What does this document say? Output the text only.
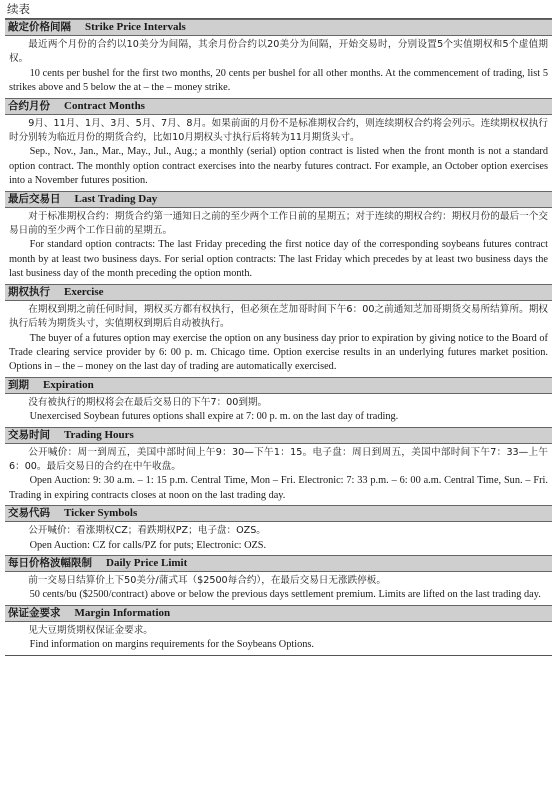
续表
敲定价格间隔 Strike Price Intervals

最近两个月份的合约以10美分为间隔，其余月份合约以20美分为间隔，开始交易时，分别设置5个实值期权和5个虚值期权。

10 cents per bushel for the first two months, 20 cents per bushel for all other months. At the commencement of trading, list 5 strikes above and 5 below the at – the – money strike.

合约月份 Contract Months

9月、11月、1月、3月、5月、7月、8月。如果前面的月份不是标准期权合约，则连续期权合约将会列示。连续期权权执行时分别转为临近月份的期货合约，比如10月期权头寸执行后将转为11月期货头寸。

Sep., Nov., Jan., Mar., May., Jul., Aug.; a monthly (serial) option contract is listed when the front month is not a standard option contract. The monthly option contract exercises into the nearby futures contract. For example, an October option exercises into a November futures position.

最后交易日 Last Trading Day

对于标准期权合约：期货合约第一通知日之前的至少两个工作日前的星期五；对于连续的期权合约：期权月份的最后一个交易日前的至少两个工作日前的星期五。

For standard option contracts: The last Friday preceding the first notice day of the corresponding soybeans futures contract month by at least two business days. For serial option contracts: The last Friday which precedes by at least two business days the last business day of the month preceding the option month.

期权执行 Exercise

在期权到期之前任何时间，期权买方都有权执行，但必须在芝加哥时间下午6：00之前通知芝加哥期货交易所结算所。期权执行后转为期货头寸，实值期权到期后自动被执行。

The buyer of a futures option may exercise the option on any business day prior to expiration by giving notice to the Board of Trade clearing service provider by 6: 00 p. m. Chicago time. Option exercise results in an underlying futures market position. Options in – the – money on the last day of trading are automatically exercised.

到期 Expiration

没有被执行的期权将会在最后交易日的下午7：00到期。

Unexercised Soybean futures options shall expire at 7: 00 p. m. on the last day of trading.

交易时间 Trading Hours

公开喊价：周一到周五，美国中部时间上午9：30—下午1：15。电子盘：周日到周五，美国中部时间下午7：33—上午6：00。最后交易日的合约在中午收盘。

Open Auction: 9: 30 a.m. – 1: 15 p.m. Central Time, Mon – Fri. Electronic: 7: 33 p.m. – 6: 00 a.m. Central Time, Sun. – Fri. Trading in expiring contracts closes at noon on the last trading day.

交易代码 Ticker Symbols

公开喊价：看涨期权CZ；看跌期权PZ；电子盘：OZS。

Open Auction: CZ for calls/PZ for puts; Electronic: OZS.

每日价格波幅限制 Daily Price Limit

前一交易日结算价上下50美分/蒲式耳（$2500每合约），在最后交易日无涨跌停板。

50 cents/bu ($2500/contract) above or below the previous days settlement premium. Limits are lifted on the last trading day.

保证金要求 Margin Information

见大豆期货期权保证金要求。

Find information on margins requirements for the Soybeans Options.
